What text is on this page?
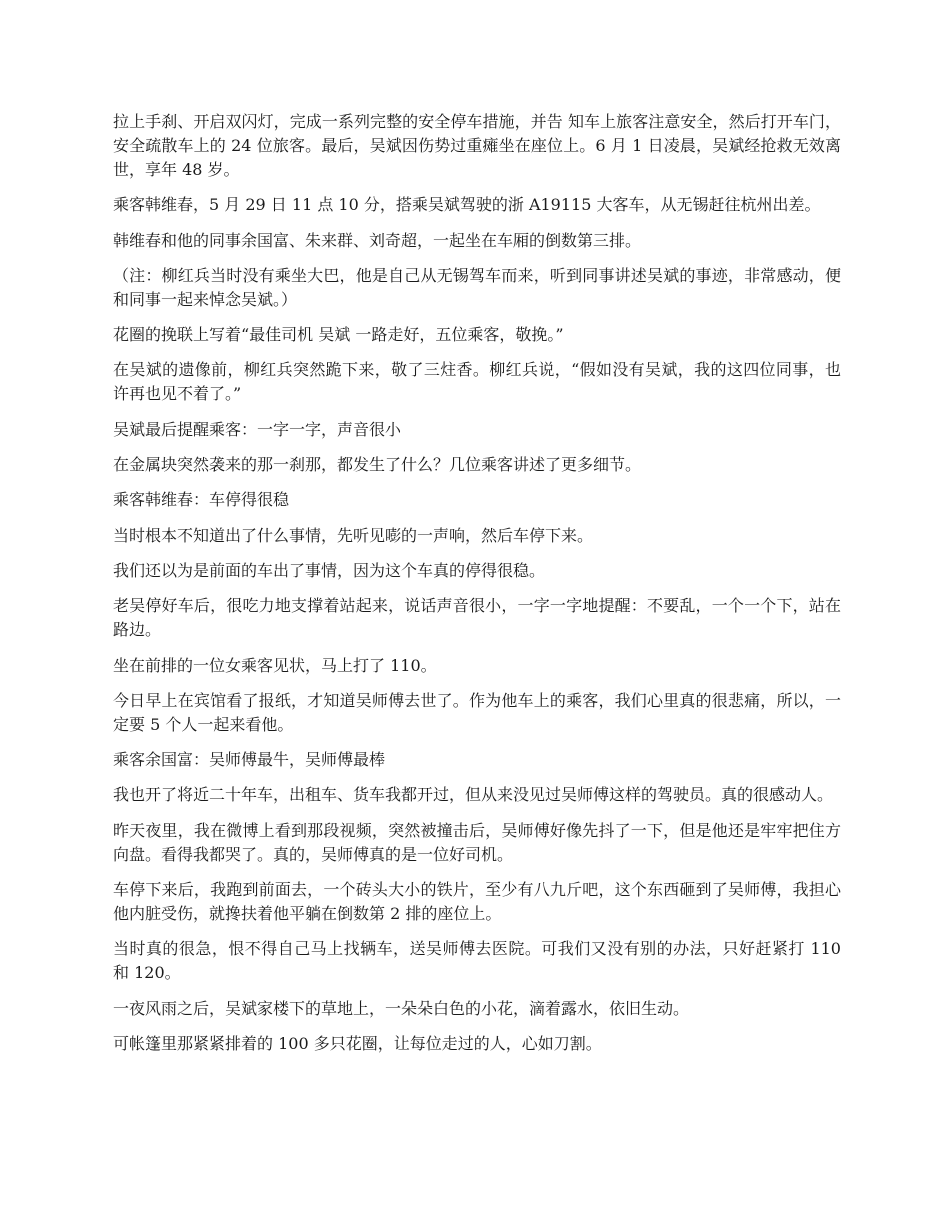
拉上手刹、开启双闪灯，完成一系列完整的安全停车措施，并告 知车上旅客注意安全，然后打开车门，安全疏散车上的 24 位旅客。最后，吴斌因伤势过重瘫坐在座位上。6 月 1 日凌晨，吴斌经抢救无效离世，享年 48 岁。

乘客韩维春，5 月 29 日 11 点 10 分，搭乘吴斌驾驶的浙 A19115 大客车，从无锡赶往杭州出差。

韩维春和他的同事余国富、朱来群、刘奇超，一起坐在车厢的倒数第三排。

（注：柳红兵当时没有乘坐大巴，他是自己从无锡驾车而来，听到同事讲述吴斌的事迹，非常感动，便和同事一起来悼念吴斌。）

花圈的挽联上写着“最佳司机 吴斌 一路走好，五位乘客，敬挽。”

在吴斌的遗像前，柳红兵突然跪下来，敬了三炷香。柳红兵说，“假如没有吴斌，我的这四位同事，也许再也见不着了。”

吴斌最后提醒乘客：一字一字，声音很小

在金属块突然袭来的那一刹那，都发生了什么？几位乘客讲述了更多细节。

乘客韩维春：车停得很稳

当时根本不知道出了什么事情，先听见嘭的一声响，然后车停下来。

我们还以为是前面的车出了事情，因为这个车真的停得很稳。

老吴停好车后，很吃力地支撑着站起来，说话声音很小，一字一字地提醒：不要乱，一个一个下，站在路边。

坐在前排的一位女乘客见状，马上打了 110。

今日早上在宾馆看了报纸，才知道吴师傅去世了。作为他车上的乘客，我们心里真的很悲痛，所以，一定要 5 个人一起来看他。

乘客余国富：吴师傅最牛，吴师傅最棒

我也开了将近二十年车，出租车、货车我都开过，但从来没见过吴师傅这样的驾驶员。真的很感动人。

昨天夜里，我在微博上看到那段视频，突然被撞击后，吴师傅好像先抖了一下，但是他还是牢牢把住方向盘。看得我都哭了。真的，吴师傅真的是一位好司机。

车停下来后，我跑到前面去，一个砖头大小的铁片，至少有八九斤吧，这个东西砸到了吴师傅，我担心他内脏受伤，就搀扶着他平躺在倒数第 2 排的座位上。

当时真的很急，恨不得自己马上找辆车，送吴师傅去医院。可我们又没有别的办法，只好赶紧打 110 和 120。

一夜风雨之后，吴斌家楼下的草地上，一朵朵白色的小花，滴着露水，依旧生动。

可帐篷里那紧紧排着的 100 多只花圈，让每位走过的人，心如刀割。
